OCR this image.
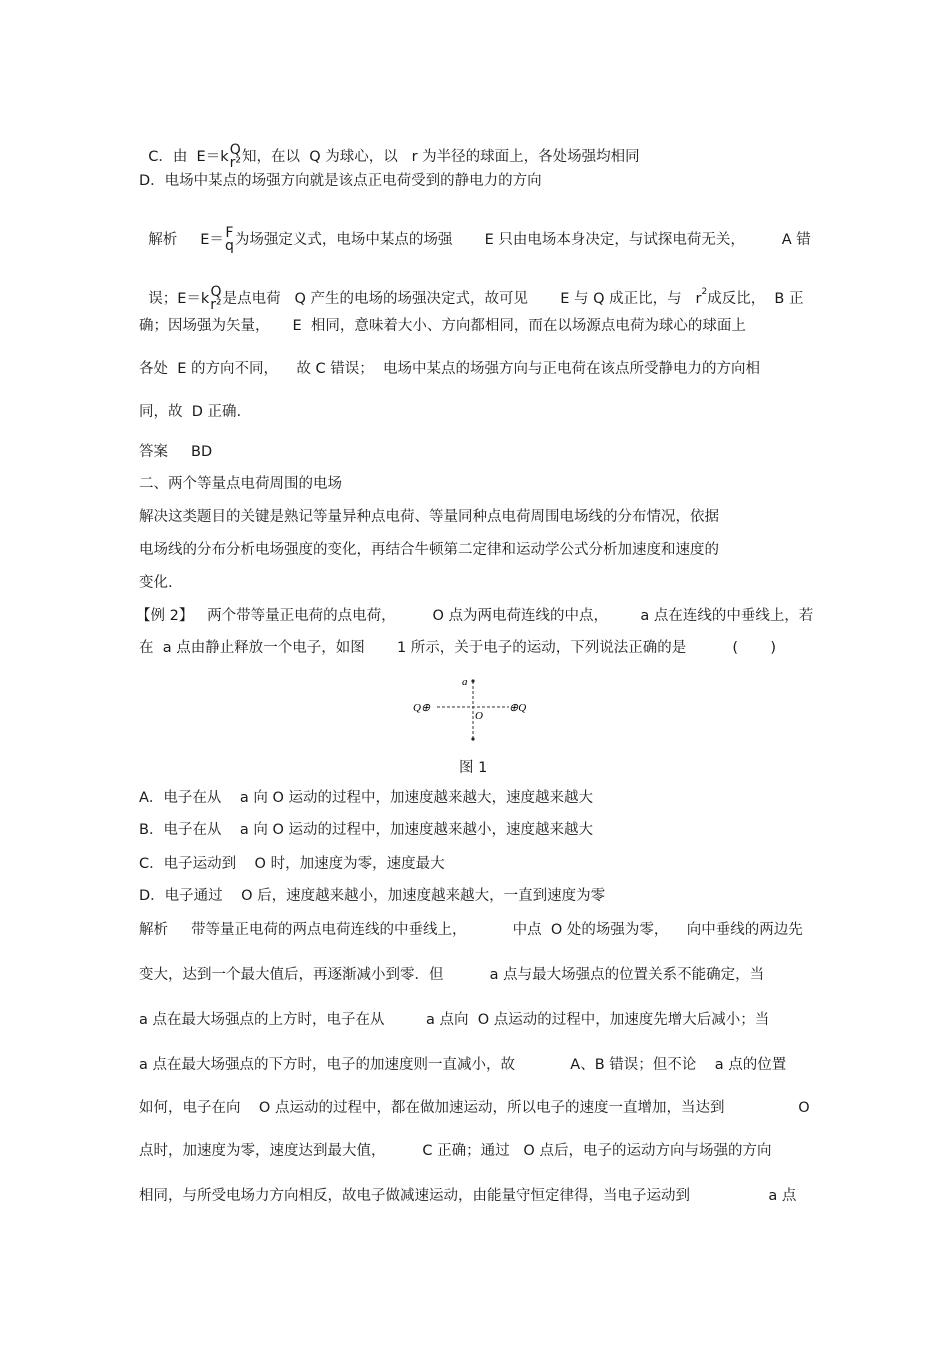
C．由  E＝k Q
r² 知，在以  Q 为球心，以   r 为半径的球面上，各处场强均相同

D．电场中某点的场强方向就是该点正电荷受到的静电力的方向

解析     E＝ F
q 为场强定义式，电场中某点的场强       E 只由电场本身决定，与试探电荷无关，        A 错

误；E＝k Q
r² 是点电荷   Q 产生的电场的场强决定式，故可见       E 与 Q 成正比，与   $r^2$成反比，  B 正

确；因场强为矢量，     E  相同，意味着大小、方向都相同，而在以场源点电荷为球心的球面上
各处  E 的方向不同，    故 C 错误；  电场中某点的场强方向与正电荷在该点所受静电力的方向相
同，故  D 正确.
答案     BD
二、两个等量点电荷周围的电场
解决这类题目的关键是熟记等量异种点电荷、等量同种点电荷周围电场线的分布情况，依据
电场线的分布分析电场强度的变化，再结合牛顿第二定律和运动学公式分析加速度和速度的
变化.
【例 2】   两个带等量正电荷的点电荷，        O 点为两电荷连线的中点，       a 点在连线的中垂线上，若
在  a 点由静止释放一个电子，如图       1 所示，关于电子的运动，下列说法正确的是          (       )
a
O
Q⊕	⊕Q
图 1
A．电子在从    a 向 O 运动的过程中，加速度越来越大，速度越来越大
B．电子在从    a 向 O 运动的过程中，加速度越来越小，速度越来越大
C．电子运动到    O 时，加速度为零，速度最大
D．电子通过    O 后，速度越来越小，加速度越来越大，一直到速度为零
解析     带等量正电荷的两点电荷连线的中垂线上，          中点  O 处的场强为零，    向中垂线的两边先
变大，达到一个最大值后，再逐渐减小到零．但          a 点与最大场强点的位置关系不能确定，当
a 点在最大场强点的上方时，电子在从         a 点向  O 点运动的过程中，加速度先增大后减小；当
a 点在最大场强点的下方时，电子的加速度则一直减小，故            A、B 错误；但不论    a 点的位置
如何，电子在向    O 点运动的过程中，都在做加速运动，所以电子的速度一直增加，当达到                O
点时，加速度为零，速度达到最大值，        C 正确；通过   O 点后，电子的运动方向与场强的方向
相同，与所受电场力方向相反，故电子做减速运动，由能量守恒定律得，当电子运动到                 a 点
